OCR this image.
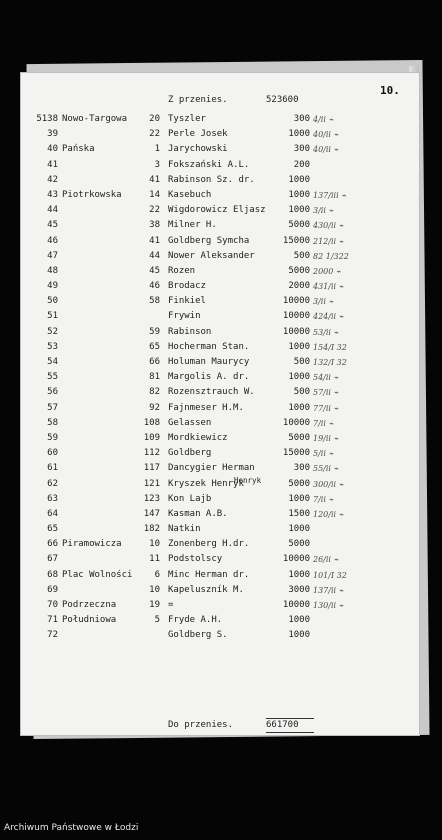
10.
Z przenies.	523600
5138 Nowo-Targowa	20 Tyszler	300 4/ii ⌁
39	22 Perle Josek	1000 40/ii ⌁
40 Pańska	1 Jarychowski	300 40/ii ⌁
41	3 Fokszański A.L.	200
42	41 Rabinson Sz. dr.	1000
43 Piotrkowska	14 Kasebuch	1000 137/iii ⌁
44	22 Wigdorowicz Eljasz	1000 3/ii ⌁
45	38 Milner H.	5000 430/ii ⌁
46	41 Goldberg Symcha	15000 212/ii ⌁
47	44 Nower Aleksander	500 82 1/322
48	45 Rozen	5000 2000 ⌁
49	46 Brodacz	2000 431/ii ⌁
50	58 Finkiel	10000 3/ii ⌁
51	Frywin	10000 424/ii ⌁
52	59 Rabinson	10000 53/ii ⌁
53	65 Hocherman Stan.	1000 154/I 32
54	66 Holuman Maurycy	500 132/I 32
55	81 Margolis A. dr.	1000 54/ii ⌁
56	82 Rozensztrauch W.	500 57/ii ⌁
57	92 Fajnmeser H.M.	1000 77/ii ⌁
58	108 Gelassen	10000 7/ii ⌁
59	109 Mordkiewicz	5000 19/ii ⌁
60	112 Goldberg	15000 5/ii ⌁
61	117 Dancygier Herman	300 55/ii ⌁
62	121 Kryszek Henryk	5000 300/ii ⌁
Henryk
63	123 Kon Lajb	1000 7/ii ⌁
64	147 Kasman A.B.	1500 120/ii ⌁
65	182 Natkin	1000
66 Piramowicza	10 Zonenberg H.dr.	5000
67	11 Podstolscy	10000 26/ii ⌁
68 Plac Wolności	6 Minc Herman dr.	1000 101/I 32
69	10 Kapeluszník M.	3000 137/ii ⌁
70 Podrzeczna	19 =	10000 130/ii ⌁
71 Południowa	5 Fryde A.H.	1000
72	Goldberg S.	1000
Do przenies.	661700
Archiwum Państwowe w Łodzi
